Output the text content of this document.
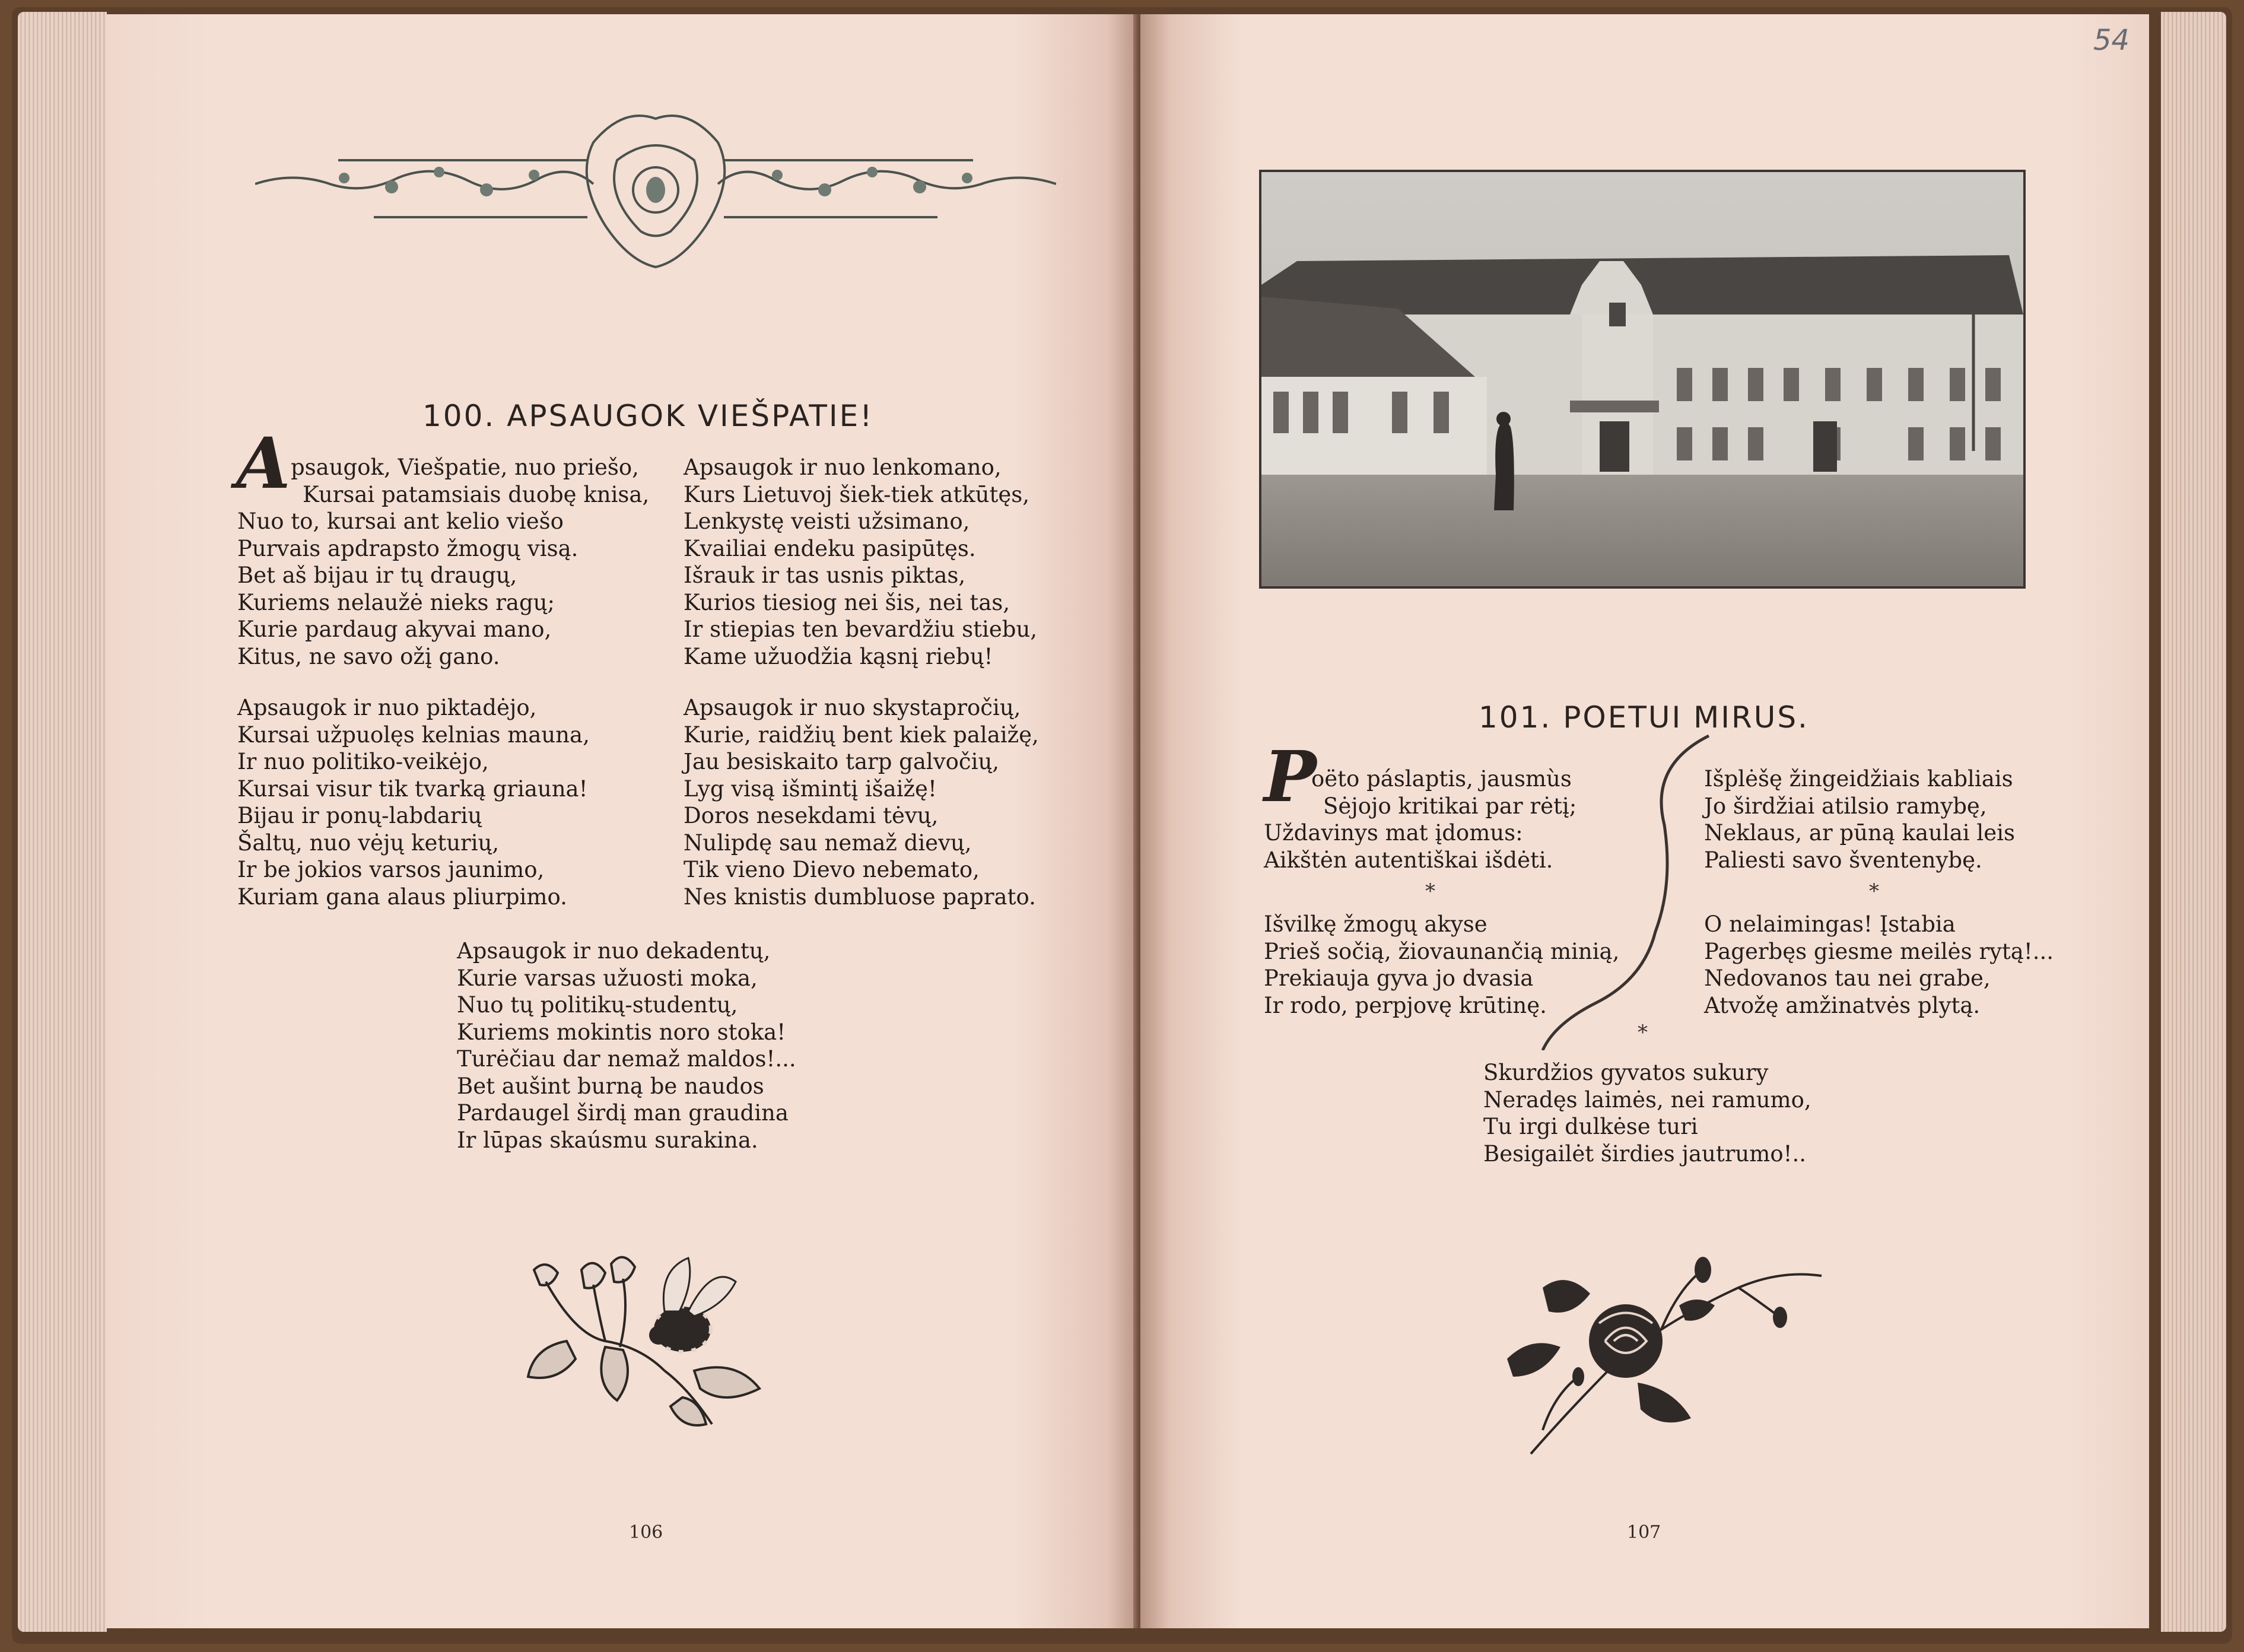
100. APSAUGOK VIEŠPATIE!
A psaugok, Viešpatie, nuo priešo,
Kursai patamsiais duobę knisa,
Nuo to, kursai ant kelio viešo
Purvais apdrapsto žmogų visą.
Bet aš bijau ir tų draugų,
Kuriems nelaužė nieks ragų;
Kurie pardaug akyvai mano,
Kitus, ne savo ožį gano.
Apsaugok ir nuo piktadėjo,
Kursai užpuolęs kelnias mauna,
Ir nuo politiko-veikėjo,
Kursai visur tik tvarką griauna!
Bijau ir ponų-labdarių
Šaltų, nuo vėjų keturių,
Ir be jokios varsos jaunimo,
Kuriam gana alaus pliurpimo.
Apsaugok ir nuo lenkomano,
Kurs Lietuvoj šiek-tiek atkūtęs,
Lenkystę veisti užsimano,
Kvailiai endeku pasipūtęs.
Išrauk ir tas usnis piktas,
Kurios tiesiog nei šis, nei tas,
Ir stiepias ten bevardžiu stiebu,
Kame užuodžia kąsnį riebų!
Apsaugok ir nuo skystapročių,
Kurie, raidžių bent kiek palaižę,
Jau besiskaito tarp galvočių,
Lyg visą išmintį išaižę!
Doros nesekdami tėvų,
Nulipdę sau nemaž dievų,
Tik vieno Dievo nebemato,
Nes knistis dumbluose paprato.
Apsaugok ir nuo dekadentų,
Kurie varsas užuosti moka,
Nuo tų politikų-studentų,
Kuriems mokintis noro stoka!
Turėčiau dar nemaž maldos!...
Bet aušint burną be naudos
Pardaugel širdį man graudina
Ir lūpas skaúsmu surakina.
106
54
101. POETUI MIRUS.
P
oëto páslaptis, jausmùs
Sėjojo kritikai par rėtį;
Uždavinys mat įdomus:
Aikštėn autentiškai išdėti.
*
Išvilkę žmogų akyse
Prieš sočią, žiovaunančią minią,
Prekiauja gyva jo dvasia
Ir rodo, perpjovę krūtinę.
Išplėšę žingeidžiais kabliais
Jo širdžiai atilsio ramybę,
Neklaus, ar pūną kaulai leis
Paliesti savo šventenybę.
*
O nelaimingas! Įstabia
Pagerbęs giesme meilės rytą!...
Nedovanos tau nei grabe,
Atvožę amžinatvės plytą.
*
Skurdžios gyvatos sukury
Neradęs laimės, nei ramumo,
Tu irgi dulkėse turi
Besigailėt širdies jautrumo!..
107
